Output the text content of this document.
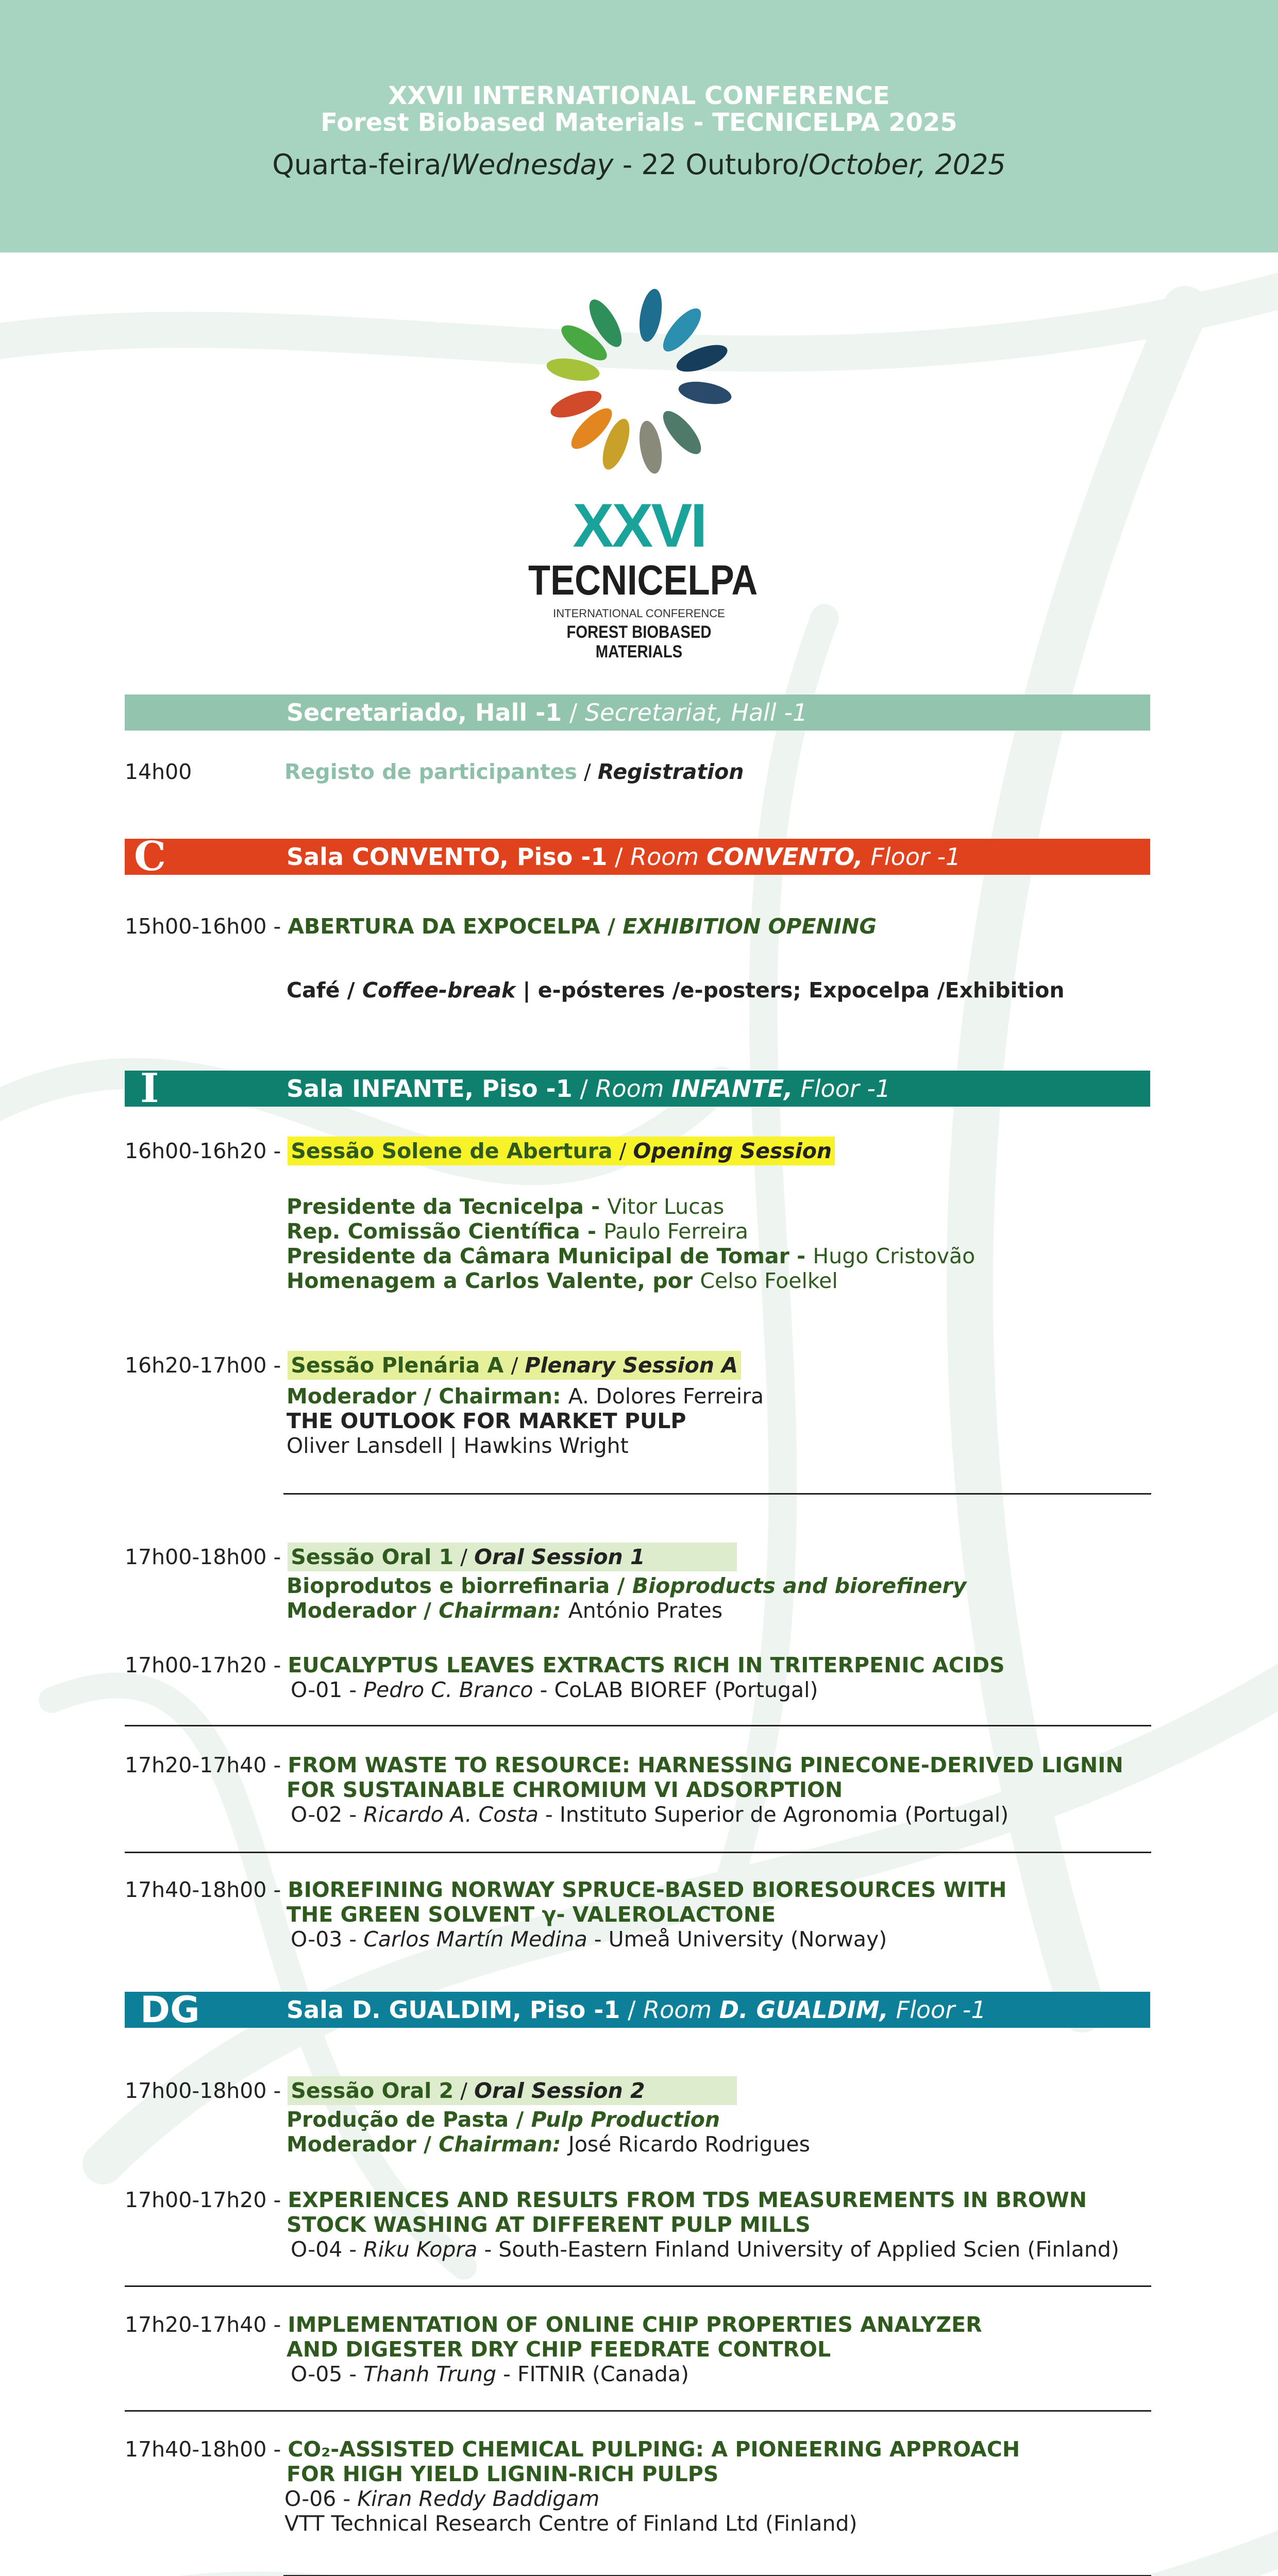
XXVII INTERNATIONAL CONFERENCE
Forest Biobased Materials - TECNICELPA 2025
Quarta-feira/Wednesday - 22 Outubro/October, 2025
XXVI
TECNICELPA
INTERNATIONAL CONFERENCE
FOREST BIOBASED MATERIALS
Secretariado, Hall -1 / Secretariat, Hall -1
14h00	Registo de participantes / Registration
C	Sala CONVENTO, Piso -1 / Room CONVENTO, Floor -1
15h00-16h00 - ABERTURA DA EXPOCELPA / EXHIBITION OPENING
Café / Coffee-break | e-pósteres /e-posters; Expocelpa /Exhibition
I	Sala INFANTE, Piso -1 / Room INFANTE, Floor -1
16h00-16h20 - Sessão Solene de Abertura / Opening Session
Presidente da Tecnicelpa - Vitor Lucas
Rep. Comissão Científica - Paulo Ferreira
Presidente da Câmara Municipal de Tomar - Hugo Cristovão
Homenagem a Carlos Valente, por Celso Foelkel
16h20-17h00 - Sessão Plenária A / Plenary Session A
Moderador / Chairman: A. Dolores Ferreira
THE OUTLOOK FOR MARKET PULP
Oliver Lansdell | Hawkins Wright
17h00-18h00 - Sessão Oral 1 / Oral Session 1
Bioprodutos e biorrefinaria / Bioproducts and biorefinery
Moderador / Chairman: António Prates
17h00-17h20 - EUCALYPTUS LEAVES EXTRACTS RICH IN TRITERPENIC ACIDS
O-01 - Pedro C. Branco - CoLAB BIOREF (Portugal)
17h20-17h40 - FROM WASTE TO RESOURCE: HARNESSING PINECONE-DERIVED LIGNIN
FOR SUSTAINABLE CHROMIUM VI ADSORPTION
O-02 - Ricardo A. Costa - Instituto Superior de Agronomia (Portugal)
17h40-18h00 - BIOREFINING NORWAY SPRUCE-BASED BIORESOURCES WITH
THE GREEN SOLVENT γ- VALEROLACTONE
O-03 - Carlos Martín Medina - Umeå University (Norway)
DG	Sala D. GUALDIM, Piso -1 / Room D. GUALDIM, Floor -1
17h00-18h00 - Sessão Oral 2 / Oral Session 2
Produção de Pasta / Pulp Production
Moderador / Chairman: José Ricardo Rodrigues
17h00-17h20 - EXPERIENCES AND RESULTS FROM TDS MEASUREMENTS IN BROWN
STOCK WASHING AT DIFFERENT PULP MILLS
O-04 - Riku Kopra - South-Eastern Finland University of Applied Scien (Finland)
17h20-17h40 - IMPLEMENTATION OF ONLINE CHIP PROPERTIES ANALYZER
AND DIGESTER DRY CHIP FEEDRATE CONTROL
O-05 - Thanh Trung - FITNIR (Canada)
17h40-18h00 - CO₂-ASSISTED CHEMICAL PULPING: A PIONEERING APPROACH
FOR HIGH YIELD LIGNIN-RICH PULPS
O-06 - Kiran Reddy Baddigam
VTT Technical Research Centre of Finland Ltd (Finland)
